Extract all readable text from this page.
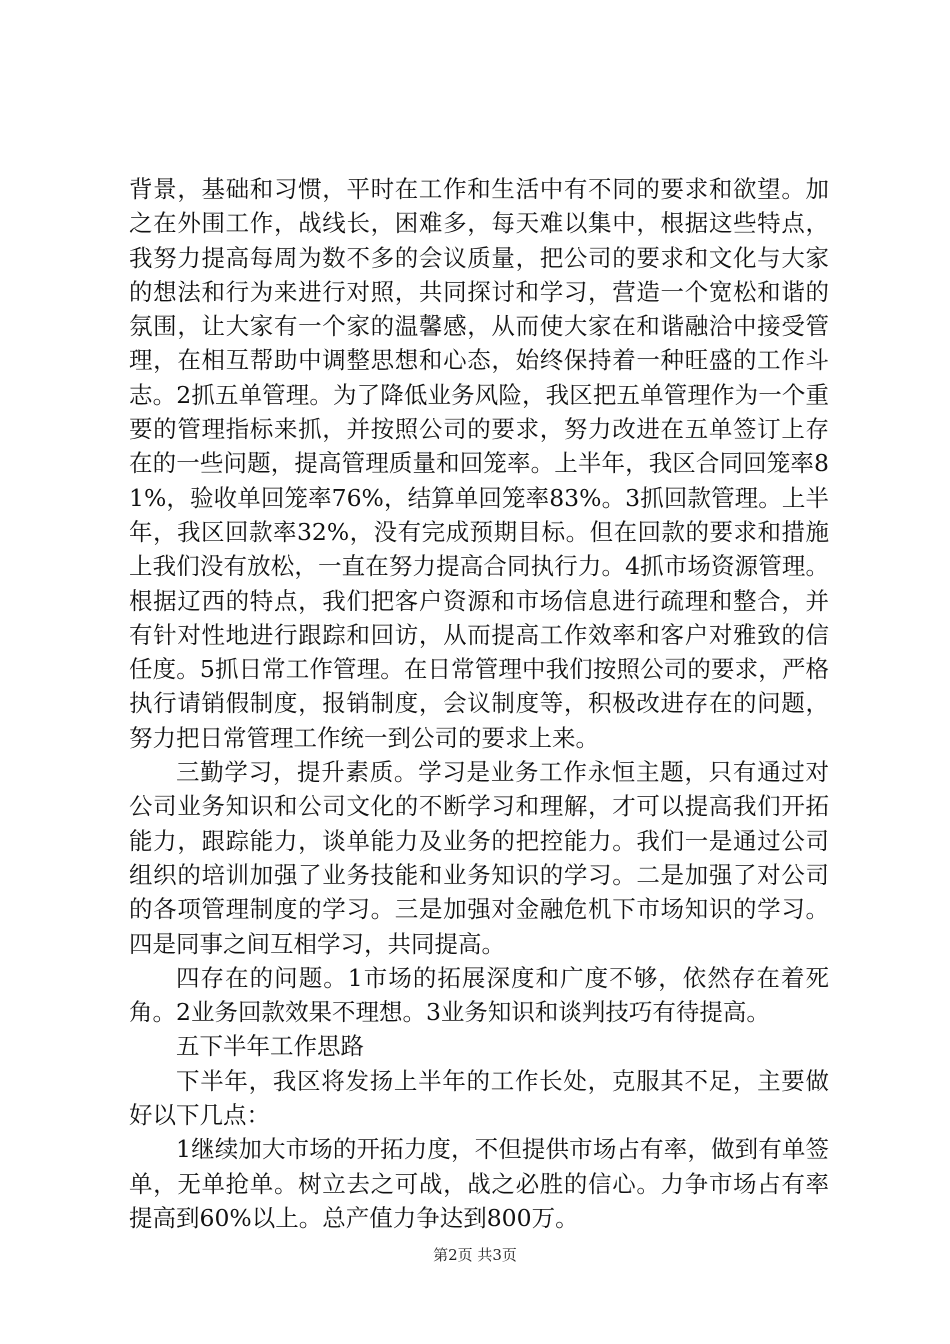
背景，基础和习惯，平时在工作和生活中有不同的要求和欲望。加之在外围工作，战线长，困难多，每天难以集中，根据这些特点，我努力提高每周为数不多的会议质量，把公司的要求和文化与大家的想法和行为来进行对照，共同探讨和学习，营造一个宽松和谐的氛围，让大家有一个家的温馨感，从而使大家在和谐融洽中接受管理，在相互帮助中调整思想和心态，始终保持着一种旺盛的工作斗志。2抓五单管理。为了降低业务风险，我区把五单管理作为一个重要的管理指标来抓，并按照公司的要求，努力改进在五单签订上存在的一些问题，提高管理质量和回笼率。上半年，我区合同回笼率81%，验收单回笼率76%，结算单回笼率83%。3抓回款管理。上半年，我区回款率32%，没有完成预期目标。但在回款的要求和措施上我们没有放松，一直在努力提高合同执行力。4抓市场资源管理。根据辽西的特点，我们把客户资源和市场信息进行疏理和整合，并有针对性地进行跟踪和回访，从而提高工作效率和客户对雅致的信任度。5抓日常工作管理。在日常管理中我们按照公司的要求，严格执行请销假制度，报销制度，会议制度等，积极改进存在的问题，努力把日常管理工作统一到公司的要求上来。

三勤学习，提升素质。学习是业务工作永恒主题，只有通过对公司业务知识和公司文化的不断学习和理解，才可以提高我们开拓能力，跟踪能力，谈单能力及业务的把控能力。我们一是通过公司组织的培训加强了业务技能和业务知识的学习。二是加强了对公司的各项管理制度的学习。三是加强对金融危机下市场知识的学习。四是同事之间互相学习，共同提高。

四存在的问题。1市场的拓展深度和广度不够，依然存在着死角。2业务回款效果不理想。3业务知识和谈判技巧有待提高。

五下半年工作思路

下半年，我区将发扬上半年的工作长处，克服其不足，主要做好以下几点：

1继续加大市场的开拓力度，不但提供市场占有率，做到有单签单，无单抢单。树立去之可战，战之必胜的信心。力争市场占有率提高到60%以上。总产值力争达到800万。

第2页 共3页
